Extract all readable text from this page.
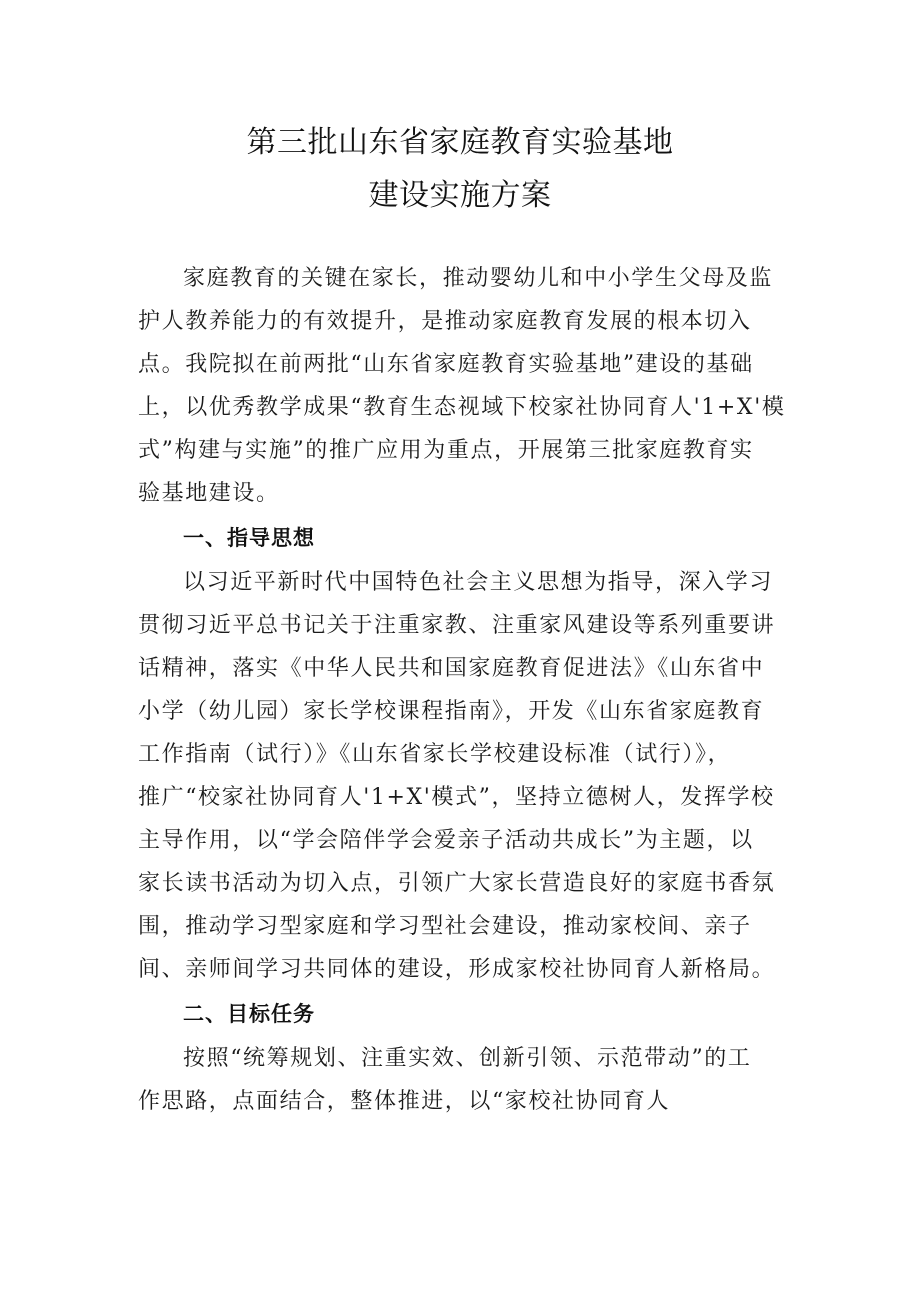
第三批山东省家庭教育实验基地
建设实施方案
家庭教育的关键在家长，推动婴幼儿和中小学生父母及监
护人教养能力的有效提升，是推动家庭教育发展的根本切入
点。我院拟在前两批“山东省家庭教育实验基地”建设的基础
上，以优秀教学成果“教育生态视域下校家社协同育人'1+X'模
式”构建与实施”的推广应用为重点，开展第三批家庭教育实
验基地建设。
一、指导思想
以习近平新时代中国特色社会主义思想为指导，深入学习
贯彻习近平总书记关于注重家教、注重家风建设等系列重要讲
话精神，落实《中华人民共和国家庭教育促进法》《山东省中
小学（幼儿园）家长学校课程指南》，开发《山东省家庭教育
工作指南（试行）》《山东省家长学校建设标准（试行）》，
推广“校家社协同育人'1+X'模式”，坚持立德树人，发挥学校
主导作用，以“学会陪伴学会爱亲子活动共成长”为主题，以
家长读书活动为切入点，引领广大家长营造良好的家庭书香氛
围，推动学习型家庭和学习型社会建设，推动家校间、亲子
间、亲师间学习共同体的建设，形成家校社协同育人新格局。
二、目标任务
按照“统筹规划、注重实效、创新引领、示范带动”的工
作思路，点面结合，整体推进，以“家校社协同育人
